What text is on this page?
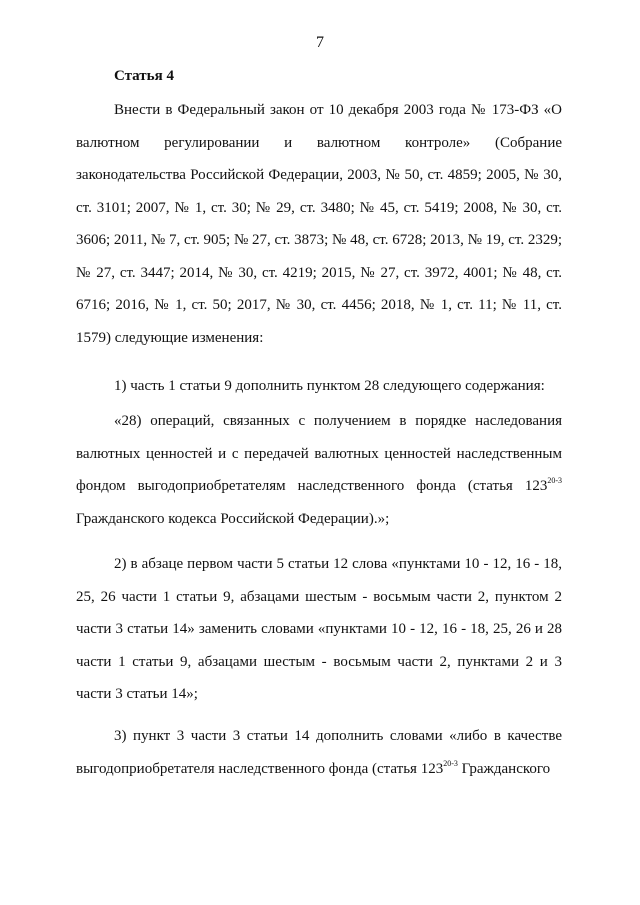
7
Статья 4
Внести в Федеральный закон от 10 декабря 2003 года № 173-ФЗ «О валютном регулировании и валютном контроле» (Собрание законодательства Российской Федерации, 2003, № 50, ст. 4859; 2005, № 30, ст. 3101; 2007, № 1, ст. 30; № 29, ст. 3480; № 45, ст. 5419; 2008, № 30, ст. 3606; 2011, № 7, ст. 905; № 27, ст. 3873; № 48, ст. 6728; 2013, № 19, ст. 2329; № 27, ст. 3447; 2014, № 30, ст. 4219; 2015, № 27, ст. 3972, 4001; № 48, ст. 6716; 2016, № 1, ст. 50; 2017, № 30, ст. 4456; 2018, № 1, ст. 11; № 11, ст. 1579) следующие изменения:
1) часть 1 статьи 9 дополнить пунктом 28 следующего содержания:
«28) операций, связанных с получением в порядке наследования валютных ценностей и с передачей валютных ценностей наследственным фондом выгодоприобретателям наследственного фонда (статья 123$^{20-3}$ Гражданского кодекса Российской Федерации).»;
2) в абзаце первом части 5 статьи 12 слова «пунктами 10 - 12, 16 - 18, 25, 26 части 1 статьи 9, абзацами шестым - восьмым части 2, пунктом 2 части 3 статьи 14» заменить словами «пунктами 10 - 12, 16 - 18, 25, 26 и 28 части 1 статьи 9, абзацами шестым - восьмым части 2, пунктами 2 и 3 части 3 статьи 14»;
3) пункт 3 части 3 статьи 14 дополнить словами «либо в качестве выгодоприобретателя наследственного фонда (статья 123$^{20-3}$ Гражданского
